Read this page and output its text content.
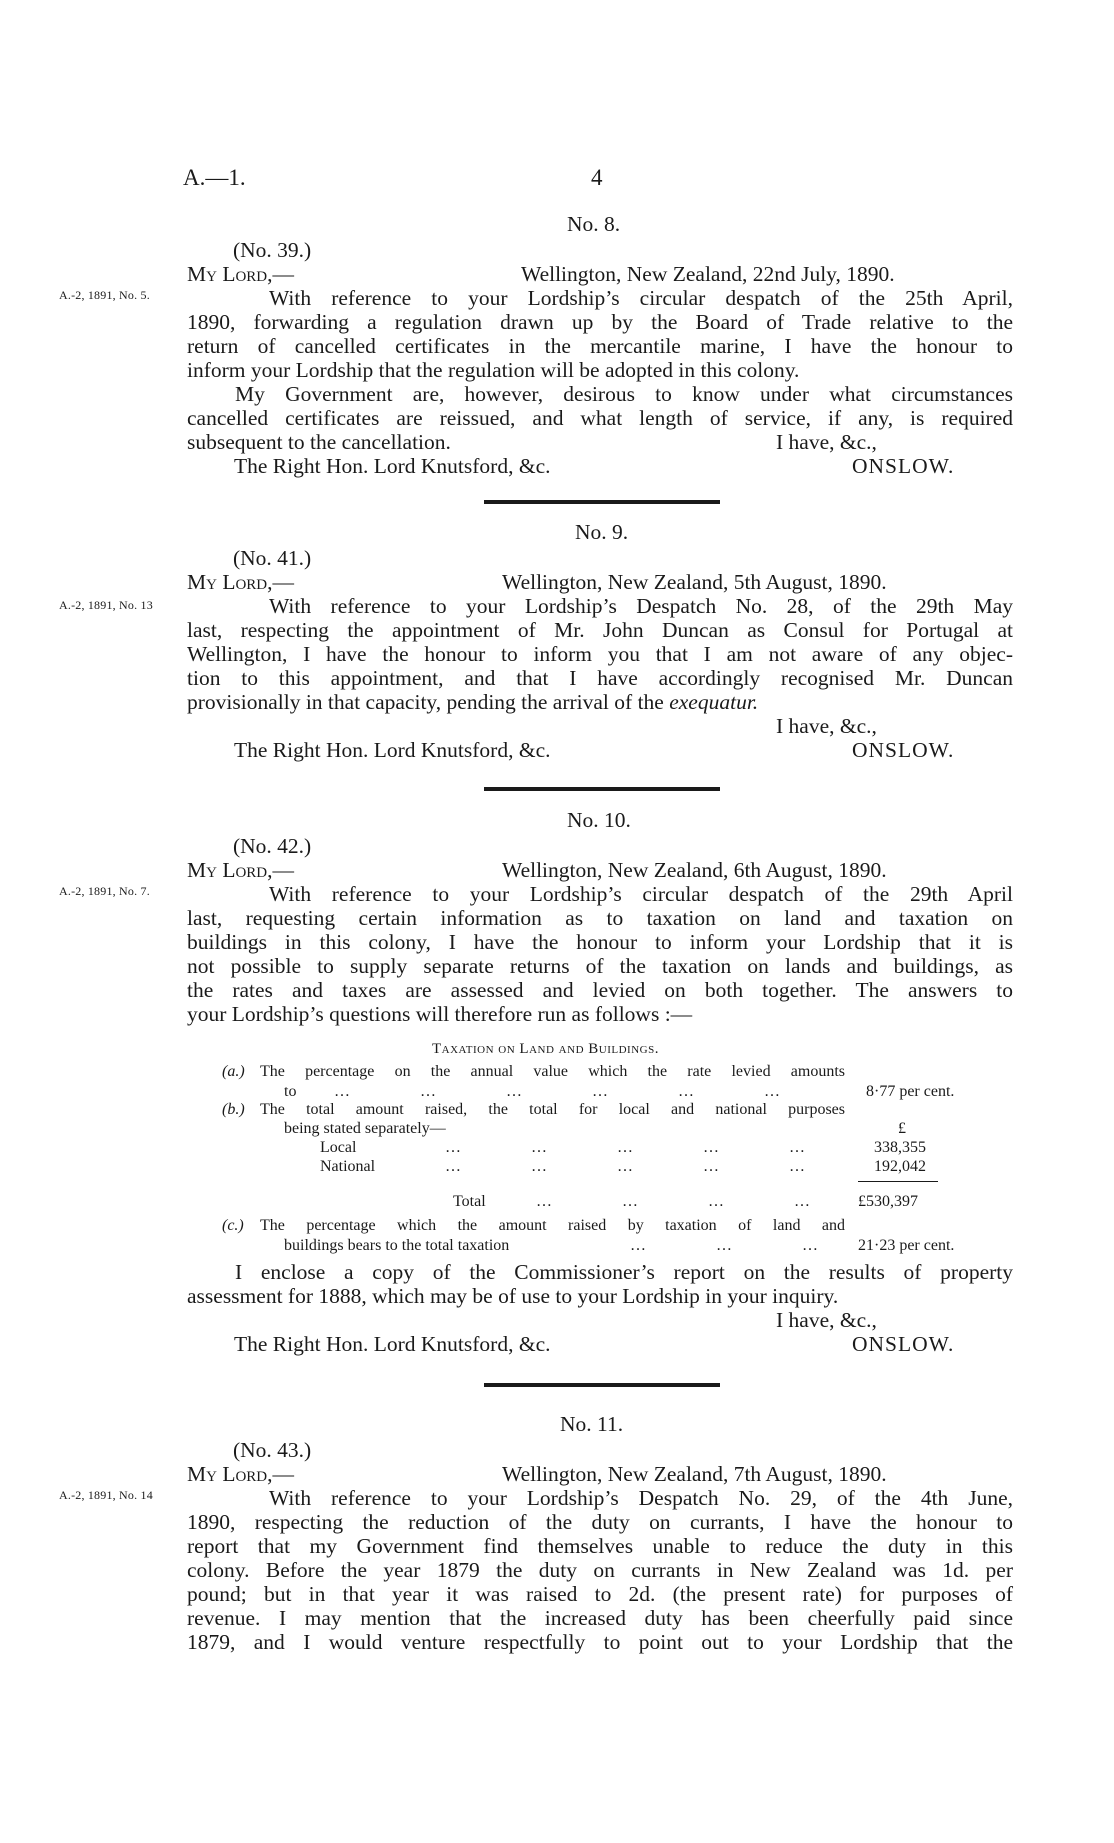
A.—1.	4
No. 8.
(No. 39.)
My Lord,—	Wellington, New Zealand, 22nd July, 1890.
A.-2, 1891, No. 5.	With reference to your Lordship’s circular despatch of the 25th April,
1890, forwarding a regulation drawn up by the Board of Trade relative to the
return of cancelled certificates in the mercantile marine, I have the honour to
inform your Lordship that the regulation will be adopted in this colony.
My Government are, however, desirous to know under what circumstances
cancelled certificates are reissued, and what length of service, if any, is required
subsequent to the cancellation.	I have, &c.,
The Right Hon. Lord Knutsford, &c.	ONSLOW.
No. 9.
(No. 41.)
My Lord,—	Wellington, New Zealand, 5th August, 1890.
A.-2, 1891, No. 13	With reference to your Lordship’s Despatch No. 28, of the 29th May
last, respecting the appointment of Mr. John Duncan as Consul for Portugal at
Wellington, I have the honour to inform you that I am not aware of any objec-
tion to this appointment, and that I have accordingly recognised Mr. Duncan
provisionally in that capacity, pending the arrival of the exequatur.
I have, &c.,
The Right Hon. Lord Knutsford, &c.	ONSLOW.
No. 10.
(No. 42.)
My Lord,—	Wellington, New Zealand, 6th August, 1890.
A.-2, 1891, No. 7.	With reference to your Lordship’s circular despatch of the 29th April
last, requesting certain information as to taxation on land and taxation on
buildings in this colony, I have the honour to inform your Lordship that it is
not possible to supply separate returns of the taxation on lands and buildings, as
the rates and taxes are assessed and levied on both together. The answers to
your Lordship’s questions will therefore run as follows :—
Taxation on Land and Buildings.
(a.) The percentage on the annual value which the rate levied amounts
to …	…	…	…	…	…	8·77 per cent.
(b.) The total amount raised, the total for local and national purposes
being stated separately—	£
Local	…	…	…	…	…	338,355
National	…	…	…	…	…	192,042
Total	…	…	…	…	£530,397
(c.) The percentage which the amount raised by taxation of land and
buildings bears to the total taxation	…	…	… 21·23 per cent.
I enclose a copy of the Commissioner’s report on the results of property
assessment for 1888, which may be of use to your Lordship in your inquiry.
I have, &c.,
The Right Hon. Lord Knutsford, &c.	ONSLOW.
No. 11.
(No. 43.)
My Lord,—	Wellington, New Zealand, 7th August, 1890.
A.-2, 1891, No. 14	With reference to your Lordship’s Despatch No. 29, of the 4th June,
1890, respecting the reduction of the duty on currants, I have the honour to
report that my Government find themselves unable to reduce the duty in this
colony. Before the year 1879 the duty on currants in New Zealand was 1d. per
pound; but in that year it was raised to 2d. (the present rate) for purposes of
revenue. I may mention that the increased duty has been cheerfully paid since
1879, and I would venture respectfully to point out to your Lordship that the
